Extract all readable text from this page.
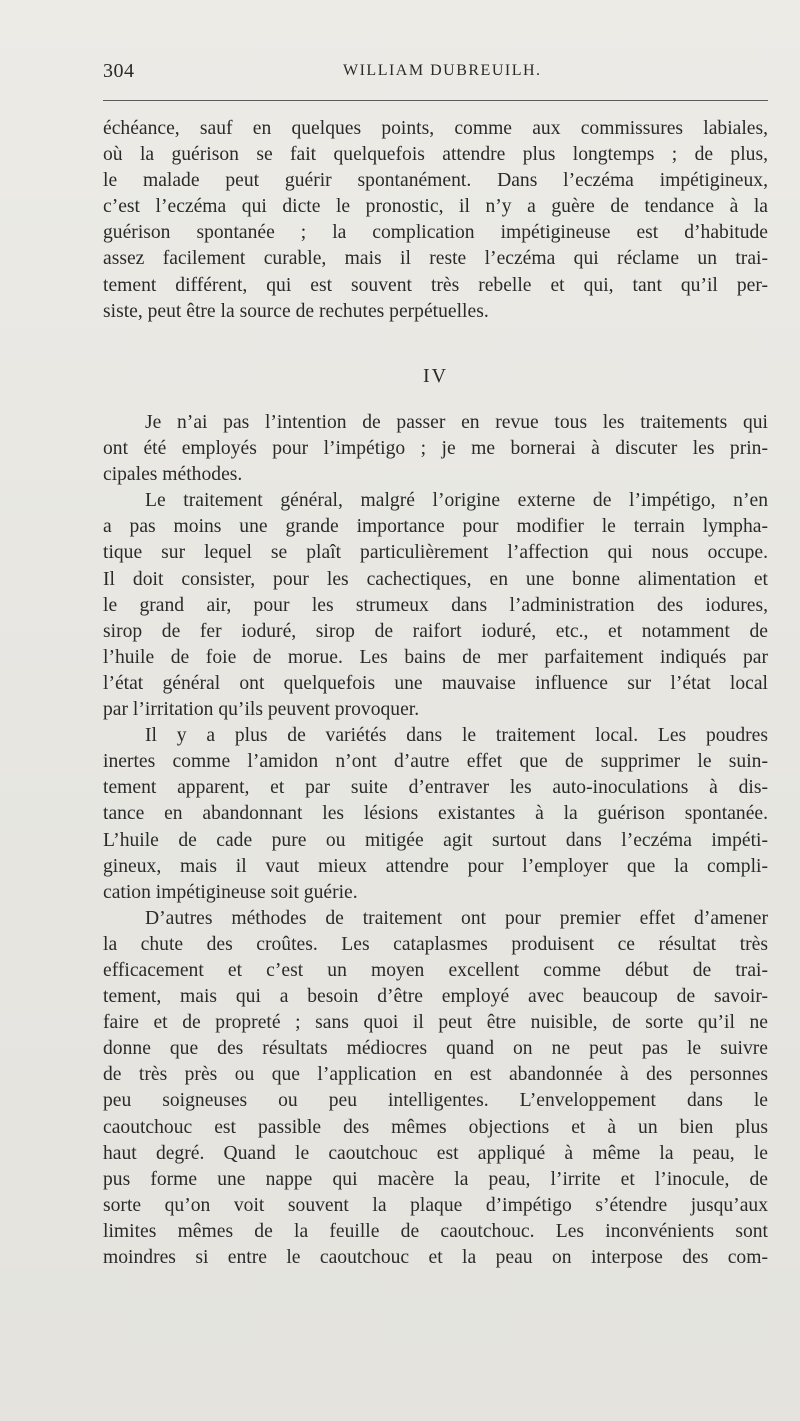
304	WILLIAM DUBREUILH.
échéance, sauf en quelques points, comme aux commissures labiales,
où la guérison se fait quelquefois attendre plus longtemps ; de plus,
le malade peut guérir spontanément. Dans l’eczéma impétigineux,
c’est l’eczéma qui dicte le pronostic, il n’y a guère de tendance à la
guérison spontanée ; la complication impétigineuse est d’habitude
assez facilement curable, mais il reste l’eczéma qui réclame un trai-
tement différent, qui est souvent très rebelle et qui, tant qu’il per-
siste, peut être la source de rechutes perpétuelles.
IV
Je n’ai pas l’intention de passer en revue tous les traitements qui
ont été employés pour l’impétigo ; je me bornerai à discuter les prin-
cipales méthodes.
Le traitement général, malgré l’origine externe de l’impétigo, n’en
a pas moins une grande importance pour modifier le terrain lympha-
tique sur lequel se plaît particulièrement l’affection qui nous occupe.
Il doit consister, pour les cachectiques, en une bonne alimentation et
le grand air, pour les strumeux dans l’administration des iodures,
sirop de fer ioduré, sirop de raifort ioduré, etc., et notamment de
l’huile de foie de morue. Les bains de mer parfaitement indiqués par
l’état général ont quelquefois une mauvaise influence sur l’état local
par l’irritation qu’ils peuvent provoquer.
Il y a plus de variétés dans le traitement local. Les poudres
inertes comme l’amidon n’ont d’autre effet que de supprimer le suin-
tement apparent, et par suite d’entraver les auto-inoculations à dis-
tance en abandonnant les lésions existantes à la guérison spontanée.
L’huile de cade pure ou mitigée agit surtout dans l’eczéma impéti-
gineux, mais il vaut mieux attendre pour l’employer que la compli-
cation impétigineuse soit guérie.
D’autres méthodes de traitement ont pour premier effet d’amener
la chute des croûtes. Les cataplasmes produisent ce résultat très
efficacement et c’est un moyen excellent comme début de trai-
tement, mais qui a besoin d’être employé avec beaucoup de savoir-
faire et de propreté ; sans quoi il peut être nuisible, de sorte qu’il ne
donne que des résultats médiocres quand on ne peut pas le suivre
de très près ou que l’application en est abandonnée à des personnes
peu soigneuses ou peu intelligentes. L’enveloppement dans le
caoutchouc est passible des mêmes objections et à un bien plus
haut degré. Quand le caoutchouc est appliqué à même la peau, le
pus forme une nappe qui macère la peau, l’irrite et l’inocule, de
sorte qu’on voit souvent la plaque d’impétigo s’étendre jusqu’aux
limites mêmes de la feuille de caoutchouc. Les inconvénients sont
moindres si entre le caoutchouc et la peau on interpose des com-
